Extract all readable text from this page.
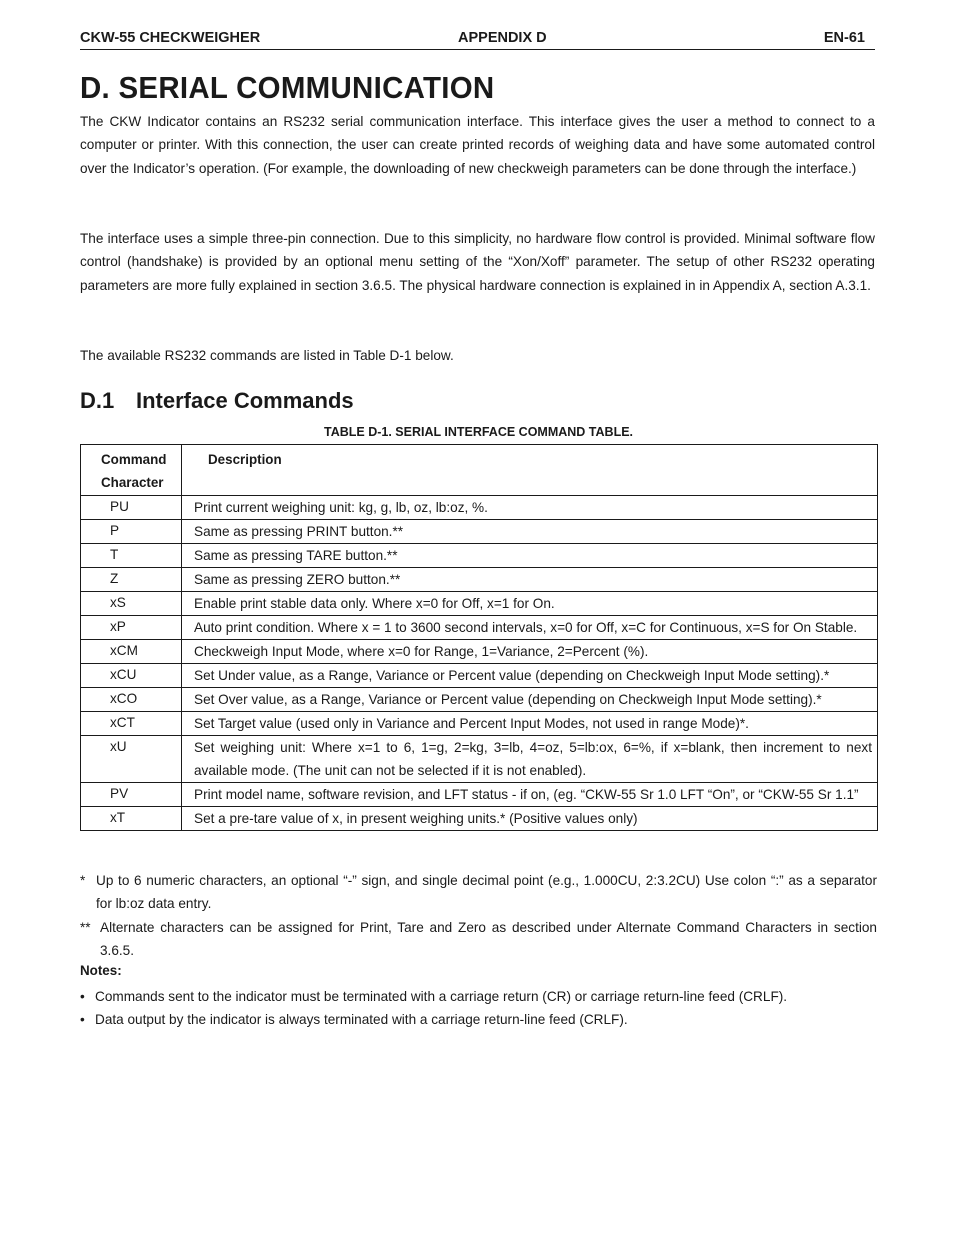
CKW-55 CHECKWEIGHER	APPENDIX D	EN-61
D. SERIAL COMMUNICATION

The CKW Indicator contains an RS232 serial communication interface. This interface gives the user a method to connect to a computer or printer. With this connection, the user can create printed records of weighing data and have some automated control over the Indicator’s operation. (For example, the downloading of new checkweigh parameters can be done through the interface.)

The interface uses a simple three-pin connection. Due to this simplicity, no hardware flow control is provided. Minimal software flow control (handshake) is provided by an optional menu setting of the “Xon/Xoff” parameter. The setup of other RS232 operating parameters are more fully explained in section 3.6.5. The physical hardware connection is explained in in Appendix A, section A.3.1.

The available RS232 commands are listed in Table D-1 below.

D.1 Interface Commands
TABLE D-1. SERIAL INTERFACE COMMAND TABLE.
Command
Character	Description
PU	Print current weighing unit: kg, g, lb, oz, lb:oz, %.
P	Same as pressing PRINT button.**
T	Same as pressing TARE button.**
Z	Same as pressing ZERO button.**
xS	Enable print stable data only. Where x=0 for Off, x=1 for On.
xP	Auto print condition. Where x = 1 to 3600 second intervals, x=0 for Off, x=C for Continuous, x=S for On Stable.
xCM	Checkweigh Input Mode, where x=0 for Range, 1=Variance, 2=Percent (%).
xCU	Set Under value, as a Range, Variance or Percent value (depending on Checkweigh Input Mode setting).*
xCO	Set Over value, as a Range, Variance or Percent value (depending on Checkweigh Input Mode setting).*
xCT	Set Target value (used only in Variance and Percent Input Modes, not used in range Mode)*.
xU	Set weighing unit: Where x=1 to 6, 1=g, 2=kg, 3=lb, 4=oz, 5=lb:ox, 6=%, if x=blank, then increment to next available mode. (The unit can not be selected if it is not enabled).
PV	Print model name, software revision, and LFT status - if on, (eg. “CKW-55 Sr 1.0 LFT “On”, or “CKW-55 Sr 1.1”
xT	Set a pre-tare value of x, in present weighing units.* (Positive values only)
* Up to 6 numeric characters, an optional “-” sign, and single decimal point (e.g., 1.000CU, 2:3.2CU) Use colon “:” as a separator for lb:oz data entry.
** Alternate characters can be assigned for Print, Tare and Zero as described under Alternate Command Characters in section 3.6.5.
Notes:
• Commands sent to the indicator must be terminated with a carriage return (CR) or carriage return-line feed (CRLF).
• Data output by the indicator is always terminated with a carriage return-line feed (CRLF).
